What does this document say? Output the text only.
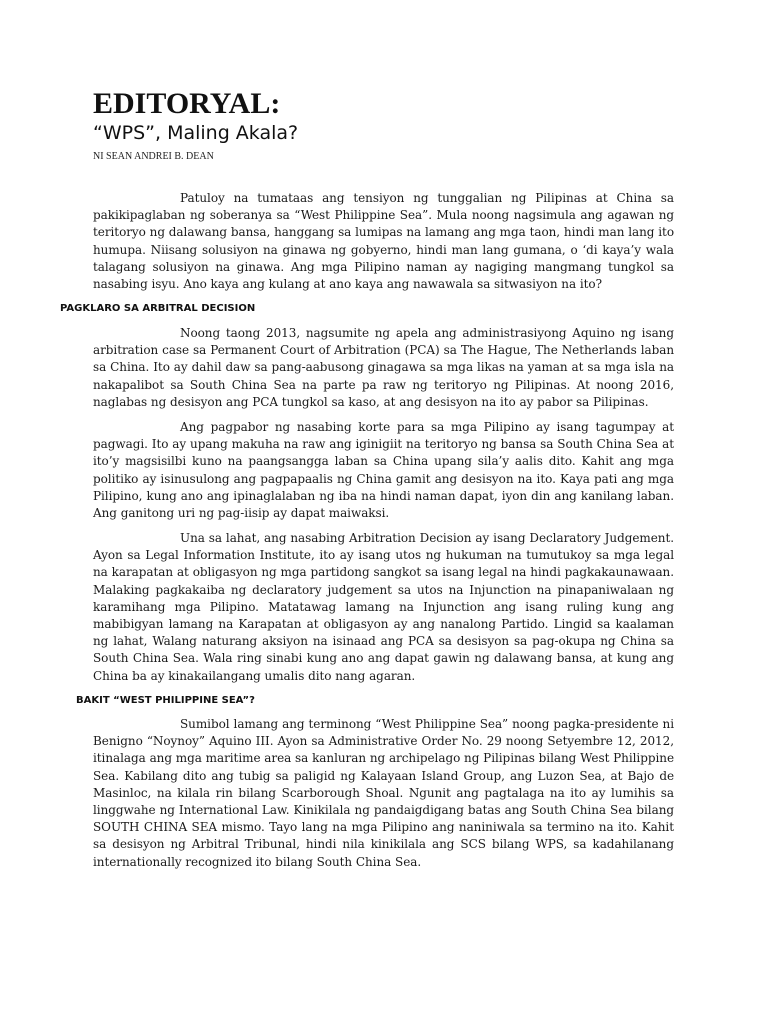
EDITORYAL:
“WPS”, Maling Akala?
NI SEAN ANDREI B. DEAN

Patuloy na tumataas ang tensiyon ng tunggalian ng Pilipinas at China sa pakikipaglaban ng soberanya sa “West Philippine Sea”. Mula noong nagsimula ang agawan ng teritoryo ng dalawang bansa, hanggang sa lumipas na lamang ang mga taon, hindi man lang ito humupa. Niisang solusiyon na ginawa ng gobyerno, hindi man lang gumana, o ‘di kaya’y wala talagang solusiyon na ginawa. Ang mga Pilipino naman ay nagiging mangmang tungkol sa nasabing isyu. Ano kaya ang kulang at ano kaya ang nawawala sa sitwasiyon na ito?

PAGKLARO SA ARBITRAL DECISION

Noong taong 2013, nagsumite ng apela ang administrasiyong Aquino ng isang arbitration case sa Permanent Court of Arbitration (PCA) sa The Hague, The Netherlands laban sa China. Ito ay dahil daw sa pang-aabusong ginagawa sa mga likas na yaman at sa mga isla na nakapalibot sa South China Sea na parte pa raw ng teritoryo ng Pilipinas. At noong 2016, naglabas ng desisyon ang PCA tungkol sa kaso, at ang desisyon na ito ay pabor sa Pilipinas.

Ang pagpabor ng nasabing korte para sa mga Pilipino ay isang tagumpay at pagwagi. Ito ay upang makuha na raw ang iginigiit na teritoryo ng bansa sa South China Sea at ito’y magsisilbi kuno na paangsangga laban sa China upang sila’y aalis dito. Kahit ang mga politiko ay isinusulong ang pagpapaalis ng China gamit ang desisyon na ito. Kaya pati ang mga Pilipino, kung ano ang ipinaglalaban ng iba na hindi naman dapat, iyon din ang kanilang laban. Ang ganitong uri ng pag-iisip ay dapat maiwaksi.

Una sa lahat, ang nasabing Arbitration Decision ay isang Declaratory Judgement. Ayon sa Legal Information Institute, ito ay isang utos ng hukuman na tumutukoy sa mga legal na karapatan at obligasyon ng mga partidong sangkot sa isang legal na hindi pagkakaunawaan. Malaking pagkakaiba ng declaratory judgement sa utos na Injunction na pinapaniwalaan ng karamihang mga Pilipino. Matatawag lamang na Injunction ang isang ruling kung ang mabibigyan lamang na Karapatan at obligasyon ay ang nanalong Partido. Lingid sa kaalaman ng lahat, Walang naturang aksiyon na isinaad ang PCA sa desisyon sa pag-okupa ng China sa South China Sea. Wala ring sinabi kung ano ang dapat gawin ng dalawang bansa, at kung ang China ba ay kinakailangang umalis dito nang agaran.

BAKIT “WEST PHILIPPINE SEA”?

Sumibol lamang ang terminong “West Philippine Sea” noong pagka-presidente ni Benigno “Noynoy” Aquino III. Ayon sa Administrative Order No. 29 noong Setyembre 12, 2012, itinalaga ang mga maritime area sa kanluran ng archipelago ng Pilipinas bilang West Philippine Sea. Kabilang dito ang tubig sa paligid ng Kalayaan Island Group, ang Luzon Sea, at Bajo de Masinloc, na kilala rin bilang Scarborough Shoal. Ngunit ang pagtalaga na ito ay lumihis sa linggwahe ng International Law. Kinikilala ng pandaigdigang batas ang South China Sea bilang SOUTH CHINA SEA mismo. Tayo lang na mga Pilipino ang naniniwala sa termino na ito. Kahit sa desisyon ng Arbitral Tribunal, hindi nila kinikilala ang SCS bilang WPS, sa kadahilanang internationally recognized ito bilang South China Sea.
